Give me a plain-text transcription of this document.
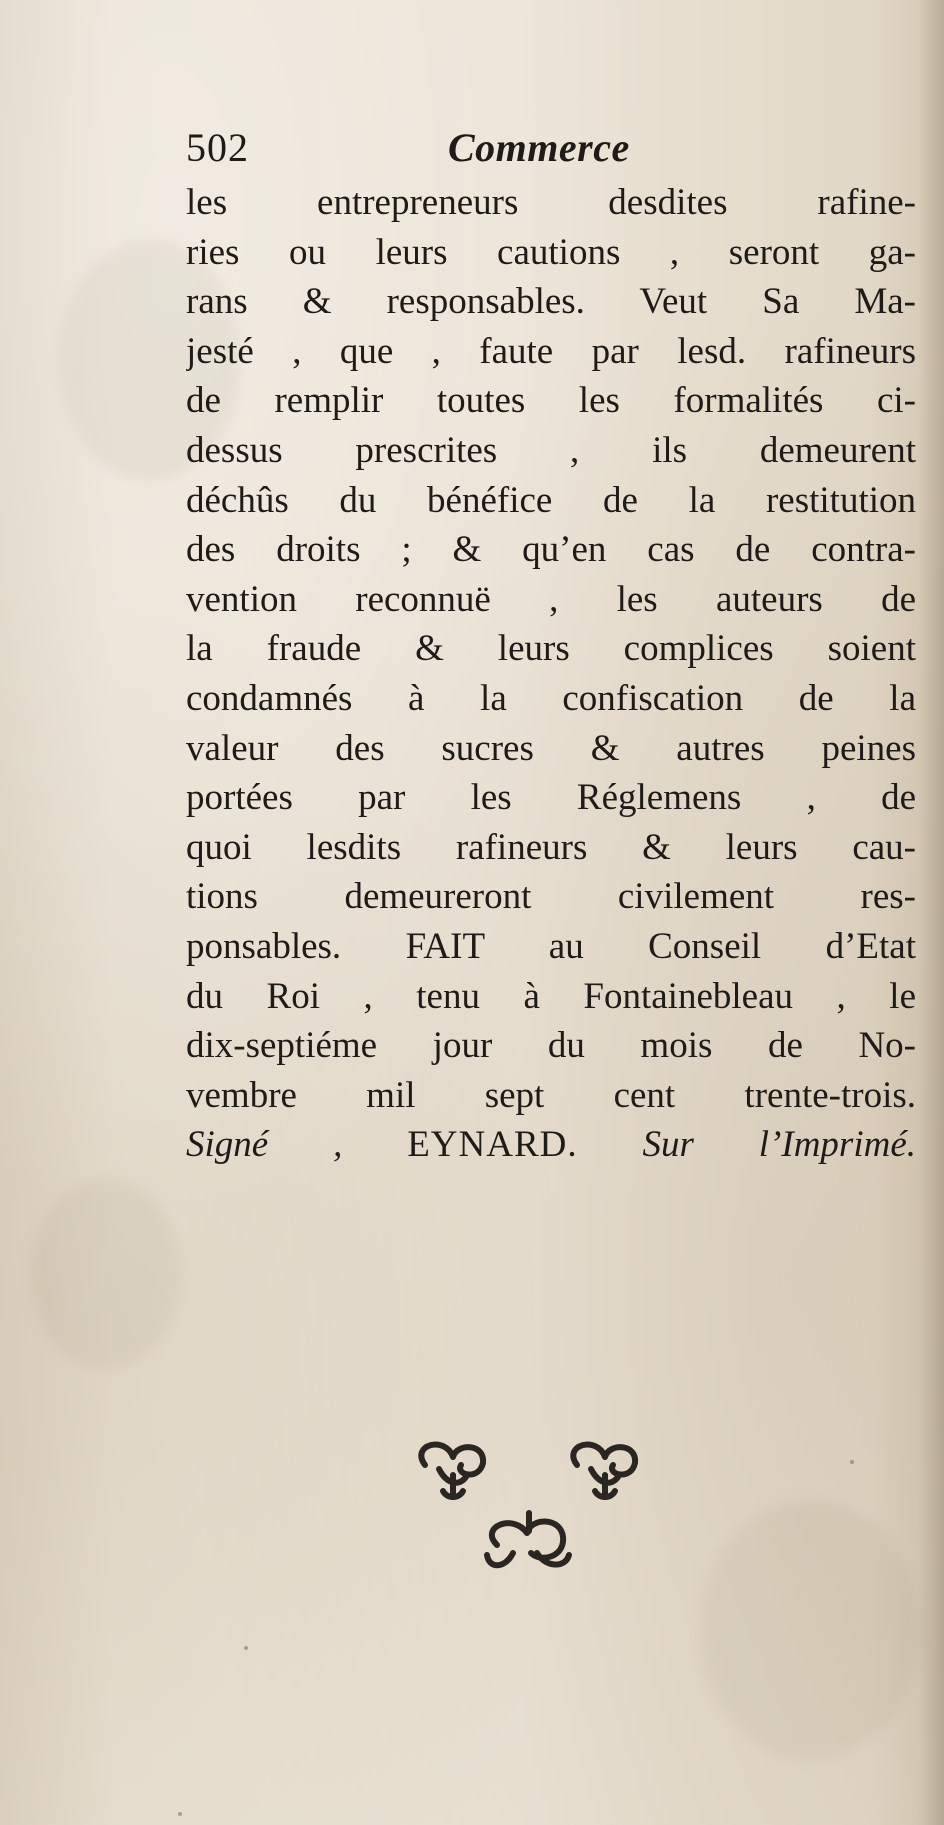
502	Commerce
les entrepreneurs desdites rafine-
ries ou leurs cautions , seront ga-
rans & responsables. Veut Sa Ma-
jesté , que , faute par lesd. rafineurs
de remplir toutes les formalités ci-
dessus prescrites , ils demeurent
déchûs du bénéfice de la restitution
des droits ; & qu’en cas de contra-
vention reconnuë , les auteurs de
la fraude & leurs complices soient
condamnés à la confiscation de la
valeur des sucres & autres peines
portées par les Réglemens , de
quoi lesdits rafineurs & leurs cau-
tions demeureront civilement res-
ponsables. FAIT au Conseil d’Etat
du Roi , tenu à Fontainebleau , le
dix-septiéme jour du mois de No-
vembre mil sept cent trente-trois.
Signé , EYNARD. Sur l’Imprimé.
